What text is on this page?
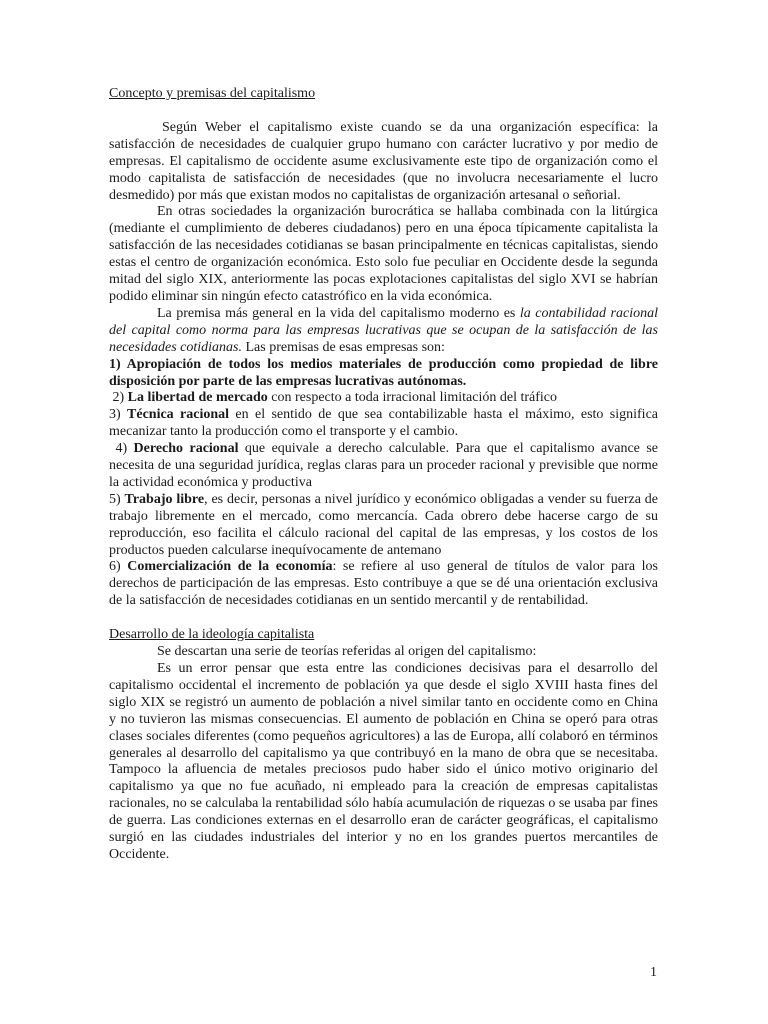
Concepto y premisas del capitalismo

Según Weber el capitalismo existe cuando se da una organización específica: la satisfacción de necesidades de cualquier grupo humano con carácter lucrativo y por medio de empresas. El capitalismo de occidente asume exclusivamente este tipo de organización como el modo capitalista de satisfacción de necesidades (que no involucra necesariamente el lucro desmedido) por más que existan modos no capitalistas de organización artesanal o señorial.

En otras sociedades la organización burocrática se hallaba combinada con la litúrgica (mediante el cumplimiento de deberes ciudadanos) pero en una época típicamente capitalista la satisfacción de las necesidades cotidianas se basan principalmente en técnicas capitalistas, siendo estas el centro de organización económica. Esto solo fue peculiar en Occidente desde la segunda mitad del siglo XIX, anteriormente las pocas explotaciones capitalistas del siglo XVI se habrían podido eliminar sin ningún efecto catastrófico en la vida económica.

La premisa más general en la vida del capitalismo moderno es la contabilidad racional del capital como norma para las empresas lucrativas que se ocupan de la satisfacción de las necesidades cotidianas. Las premisas de esas empresas son:

1) Apropiación de todos los medios materiales de producción como propiedad de libre disposición por parte de las empresas lucrativas autónomas.

2) La libertad de mercado con respecto a toda irracional limitación del tráfico

3) Técnica racional en el sentido de que sea contabilizable hasta el máximo, esto significa mecanizar tanto la producción como el transporte y el cambio.

4) Derecho racional que equivale a derecho calculable. Para que el capitalismo avance se necesita de una seguridad jurídica, reglas claras para un proceder racional y previsible que norme la actividad económica y productiva

5) Trabajo libre, es decir, personas a nivel jurídico y económico obligadas a vender su fuerza de trabajo libremente en el mercado, como mercancía. Cada obrero debe hacerse cargo de su reproducción, eso facilita el cálculo racional del capital de las empresas, y los costos de los productos pueden calcularse inequívocamente de antemano

6) Comercialización de la economía: se refiere al uso general de títulos de valor para los derechos de participación de las empresas. Esto contribuye a que se dé una orientación exclusiva de la satisfacción de necesidades cotidianas en un sentido mercantil y de rentabilidad.

Desarrollo de la ideología capitalista

Se descartan una serie de teorías referidas al origen del capitalismo:

Es un error pensar que esta entre las condiciones decisivas para el desarrollo del capitalismo occidental el incremento de población ya que desde el siglo XVIII hasta fines del siglo XIX se registró un aumento de población a nivel similar tanto en occidente como en China y no tuvieron las mismas consecuencias. El aumento de población en China se operó para otras clases sociales diferentes (como pequeños agricultores) a las de Europa, allí colaboró en términos generales al desarrollo del capitalismo ya que contribuyó en la mano de obra que se necesitaba. Tampoco la afluencia de metales preciosos pudo haber sido el único motivo originario del capitalismo ya que no fue acuñado, ni empleado para la creación de empresas capitalistas racionales, no se calculaba la rentabilidad sólo había acumulación de riquezas o se usaba par fines de guerra. Las condiciones externas en el desarrollo eran de carácter geográficas, el capitalismo surgió en las ciudades industriales del interior y no en los grandes puertos mercantiles de Occidente.

1
